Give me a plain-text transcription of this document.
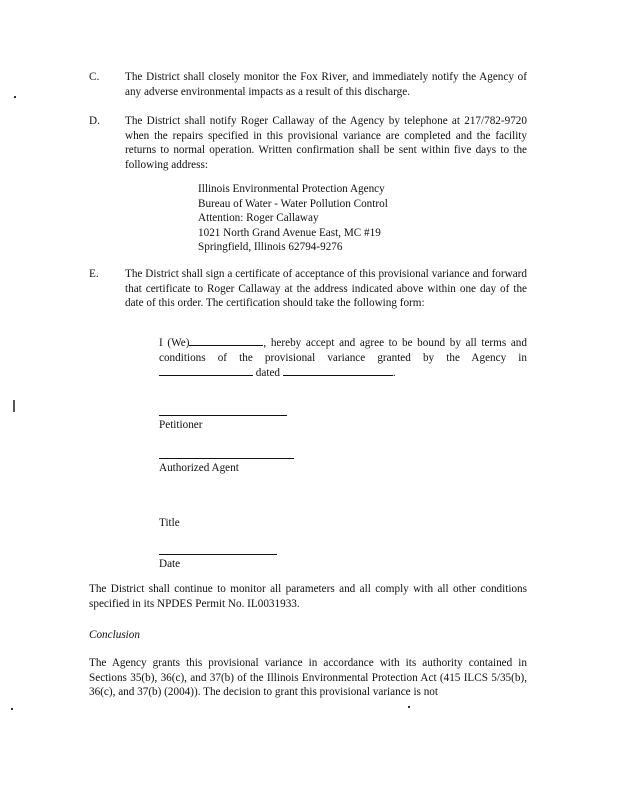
C. The District shall closely monitor the Fox River, and immediately notify the Agency of any adverse environmental impacts as a result of this discharge.
D. The District shall notify Roger Callaway of the Agency by telephone at 217/782-9720 when the repairs specified in this provisional variance are completed and the facility returns to normal operation. Written confirmation shall be sent within five days to the following address:
Illinois Environmental Protection Agency
Bureau of Water - Water Pollution Control
Attention: Roger Callaway
1021 North Grand Avenue East, MC #19
Springfield, Illinois 62794-9276
E. The District shall sign a certificate of acceptance of this provisional variance and forward that certificate to Roger Callaway at the address indicated above within one day of the date of this order. The certification should take the following form:
I (We)	, hereby accept and agree to be bound by all terms and conditions of the provisional variance granted by the Agency in  dated	.
Petitioner
Authorized Agent
Title
Date
The District shall continue to monitor all parameters and all comply with all other conditions specified in its NPDES Permit No. IL0031933.
Conclusion
The Agency grants this provisional variance in accordance with its authority contained in Sections 35(b), 36(c), and 37(b) of the Illinois Environmental Protection Act (415 ILCS 5/35(b), 36(c), and 37(b) (2004)). The decision to grant this provisional variance is not
